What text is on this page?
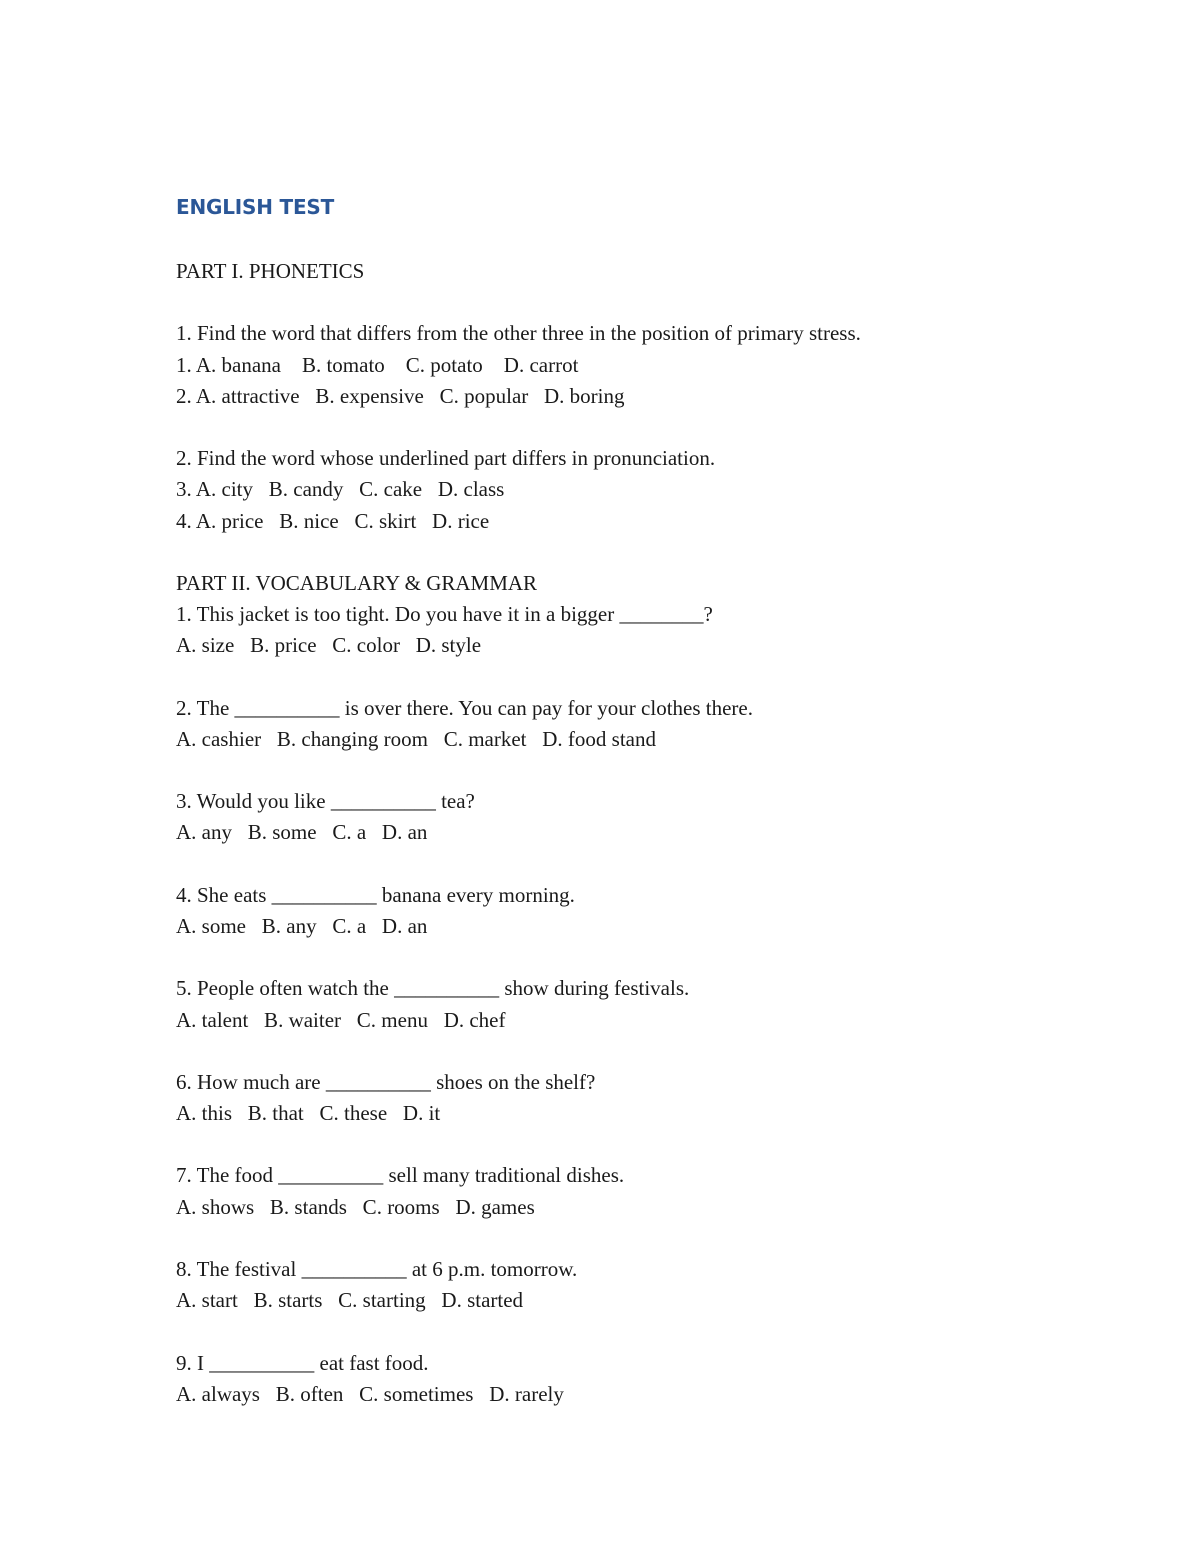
ENGLISH TEST
PART I. PHONETICS
1. Find the word that differs from the other three in the position of primary stress.
1. A. banana    B. tomato    C. potato    D. carrot
2. A. attractive   B. expensive   C. popular   D. boring
2. Find the word whose underlined part differs in pronunciation.
3. A. city   B. candy   C. cake   D. class
4. A. price   B. nice   C. skirt   D. rice
PART II. VOCABULARY & GRAMMAR
1. This jacket is too tight. Do you have it in a bigger ________?
A. size   B. price   C. color   D. style
2. The __________ is over there. You can pay for your clothes there.
A. cashier   B. changing room   C. market   D. food stand
3. Would you like __________ tea?
A. any   B. some   C. a   D. an
4. She eats __________ banana every morning.
A. some   B. any   C. a   D. an
5. People often watch the __________ show during festivals.
A. talent   B. waiter   C. menu   D. chef
6. How much are __________ shoes on the shelf?
A. this   B. that   C. these   D. it
7. The food __________ sell many traditional dishes.
A. shows   B. stands   C. rooms   D. games
8. The festival __________ at 6 p.m. tomorrow.
A. start   B. starts   C. starting   D. started
9. I __________ eat fast food.
A. always   B. often   C. sometimes   D. rarely
